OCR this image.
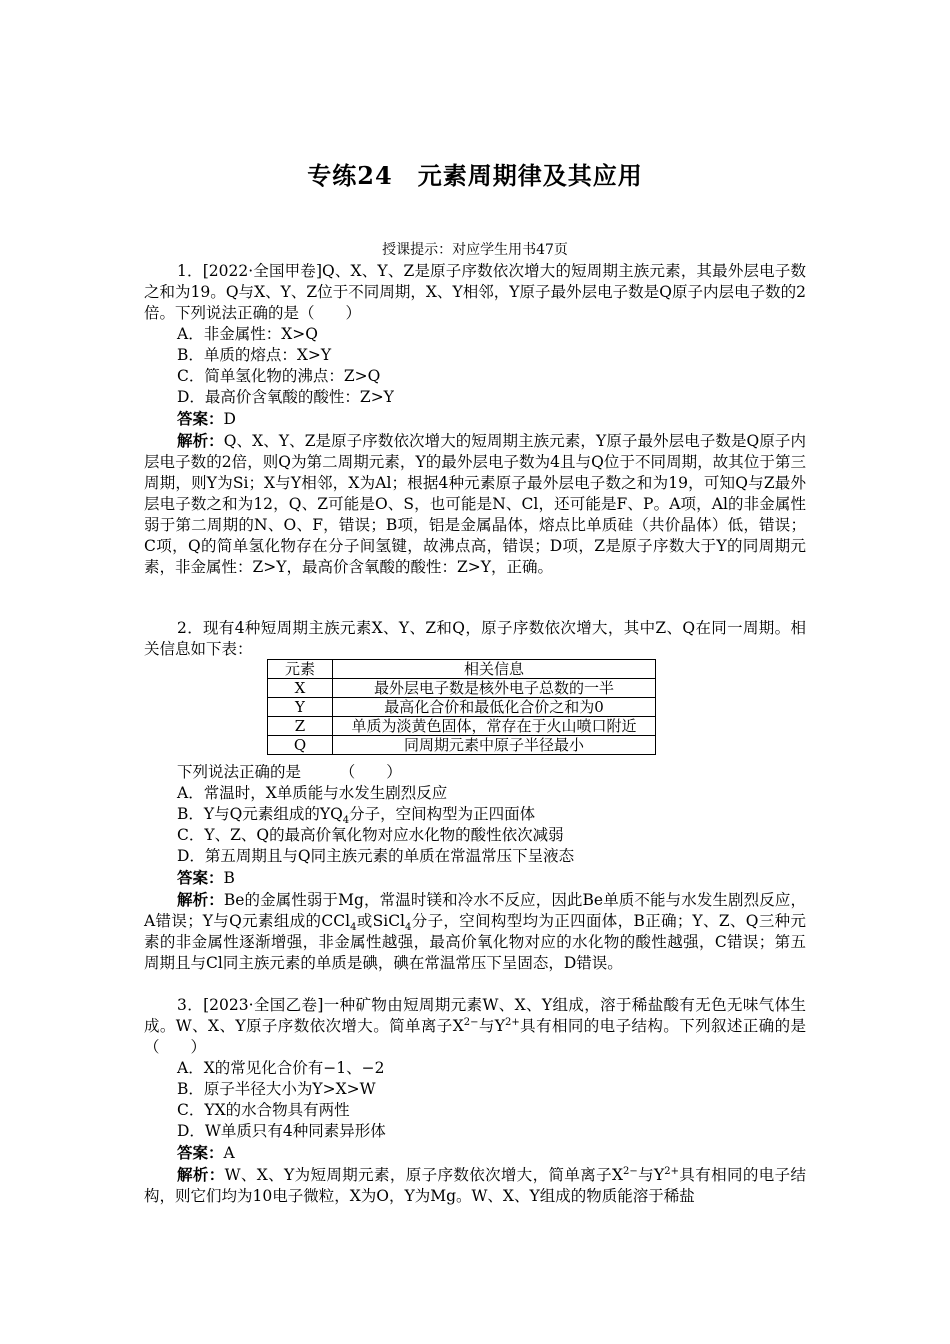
专练24　元素周期律及其应用
授课提示：对应学生用书47页

1．[2022·全国甲卷]Q、X、Y、Z是原子序数依次增大的短周期主族元素，其最外层电子数之和为19。Q与X、Y、Z位于不同周期，X、Y相邻，Y原子最外层电子数是Q原子内层电子数的2倍。下列说法正确的是（　　）

A．非金属性：X>Q

B．单质的熔点：X>Y

C．简单氢化物的沸点：Z>Q

D．最高价含氧酸的酸性：Z>Y

答案：D

解析：Q、X、Y、Z是原子序数依次增大的短周期主族元素，Y原子最外层电子数是Q原子内层电子数的2倍，则Q为第二周期元素，Y的最外层电子数为4且与Q位于不同周期，故其位于第三周期，则Y为Si；X与Y相邻，X为Al；根据4种元素原子最外层电子数之和为19，可知Q与Z最外层电子数之和为12，Q、Z可能是O、S，也可能是N、Cl，还可能是F、P。A项，Al的非金属性弱于第二周期的N、O、F，错误；B项，铝是金属晶体，熔点比单质硅（共价晶体）低，错误；C项，Q的简单氢化物存在分子间氢键，故沸点高，错误；D项，Z是原子序数大于Y的同周期元素，非金属性：Z>Y，最高价含氧酸的酸性：Z>Y，正确。

2．现有4种短周期主族元素X、Y、Z和Q，原子序数依次增大，其中Z、Q在同一周期。相关信息如下表：

元素	相关信息
X	最外层电子数是核外电子总数的一半
Y	最高化合价和最低化合价之和为0
Z	单质为淡黄色固体，常存在于火山喷口附近
Q	同周期元素中原子半径最小

下列说法正确的是　　　（　　）

A．常温时，X单质能与水发生剧烈反应

B．Y与Q元素组成的$YQ_4$分子，空间构型为正四面体

C．Y、Z、Q的最高价氧化物对应水化物的酸性依次减弱

D．第五周期且与Q同主族元素的单质在常温常压下呈液态

答案：B

解析：Be的金属性弱于Mg，常温时镁和冷水不反应，因此Be单质不能与水发生剧烈反应，A错误；Y与Q元素组成的CCl$_4$或SiCl$_4$分子，空间构型均为正四面体，B正确；Y、Z、Q三种元素的非金属性逐渐增强，非金属性越强，最高价氧化物对应的水化物的酸性越强，C错误；第五周期且与Cl同主族元素的单质是碘，碘在常温常压下呈固态，D错误。

3．[2023·全国乙卷]一种矿物由短周期元素W、X、Y组成，溶于稀盐酸有无色无味气体生成。W、X、Y原子序数依次增大。简单离子$X^{2-}$与$Y^{2+}$具有相同的电子结构。下列叙述正确的是（　　）

A．X的常见化合价有−1、−2

B．原子半径大小为Y>X>W

C．YX的水合物具有两性

D．W单质只有4种同素异形体

答案：A

解析：W、X、Y为短周期元素，原子序数依次增大，简单离子$X^{2-}$与$Y^{2+}$具有相同的电子结构，则它们均为10电子微粒，X为O，Y为Mg。W、X、Y组成的物质能溶于稀盐
